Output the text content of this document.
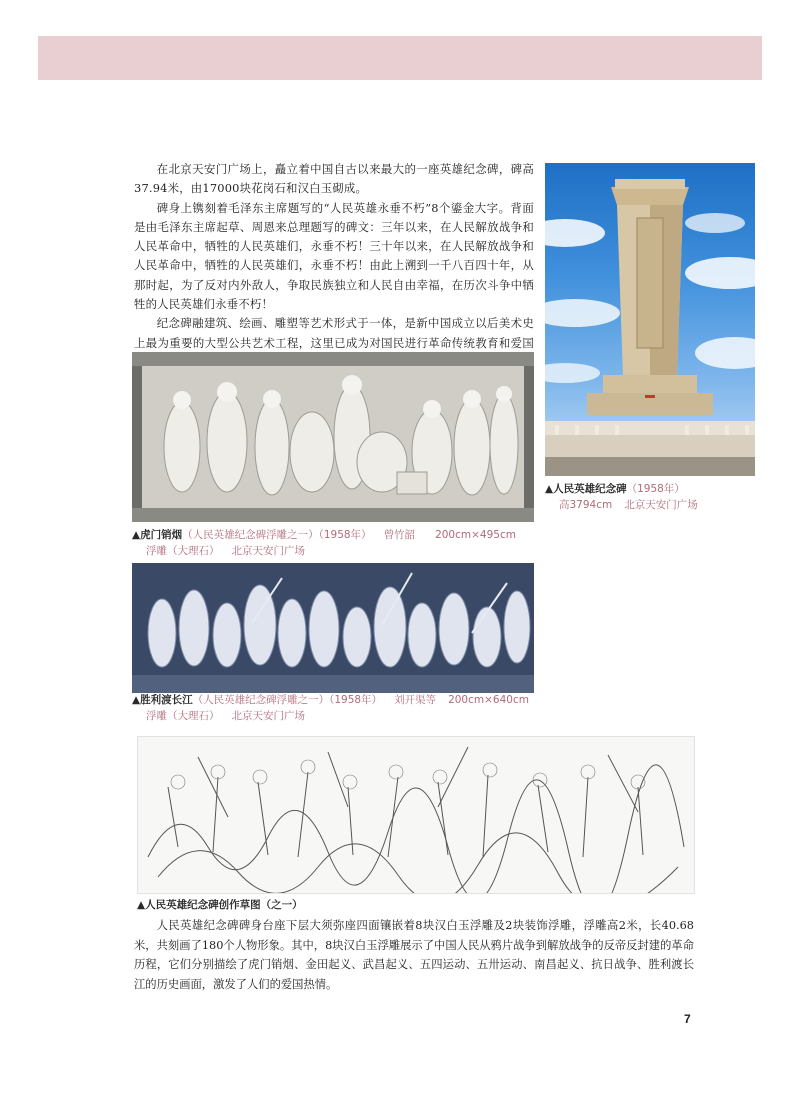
在北京天安门广场上，矗立着中国自古以来最大的一座英雄纪念碑，碑高37.94米，由17000块花岗石和汉白玉砌成。

碑身上镌刻着毛泽东主席题写的“人民英雄永垂不朽”8个鎏金大字。背面是由毛泽东主席起草、周恩来总理题写的碑文：三年以来，在人民解放战争和人民革命中，牺牲的人民英雄们，永垂不朽！三十年以来，在人民解放战争和人民革命中，牺牲的人民英雄们，永垂不朽！由此上溯到一千八百四十年，从那时起，为了反对内外敌人，争取民族独立和人民自由幸福，在历次斗争中牺牲的人民英雄们永垂不朽！

纪念碑融建筑、绘画、雕塑等艺术形式于一体，是新中国成立以后美术史上最为重要的大型公共艺术工程，这里已成为对国民进行革命传统教育和爱国

▲人民英雄纪念碑（1958年）
高3794cm 北京天安门广场
▲虎门销烟（人民英雄纪念碑浮雕之一）（1958年） 曾竹韶 200cm×495cm
浮雕（大理石） 北京天安门广场
▲胜利渡长江（人民英雄纪念碑浮雕之一）（1958年） 刘开渠等 200cm×640cm
浮雕（大理石） 北京天安门广场
▲人民英雄纪念碑创作草图（之一）

人民英雄纪念碑碑身台座下层大须弥座四面镶嵌着8块汉白玉浮雕及2块装饰浮雕，浮雕高2米，长40.68米，共刻画了180个人物形象。其中，8块汉白玉浮雕展示了中国人民从鸦片战争到解放战争的反帝反封建的革命历程，它们分别描绘了虎门销烟、金田起义、武昌起义、五四运动、五卅运动、南昌起义、抗日战争、胜利渡长江的历史画面，激发了人们的爱国热情。

7
